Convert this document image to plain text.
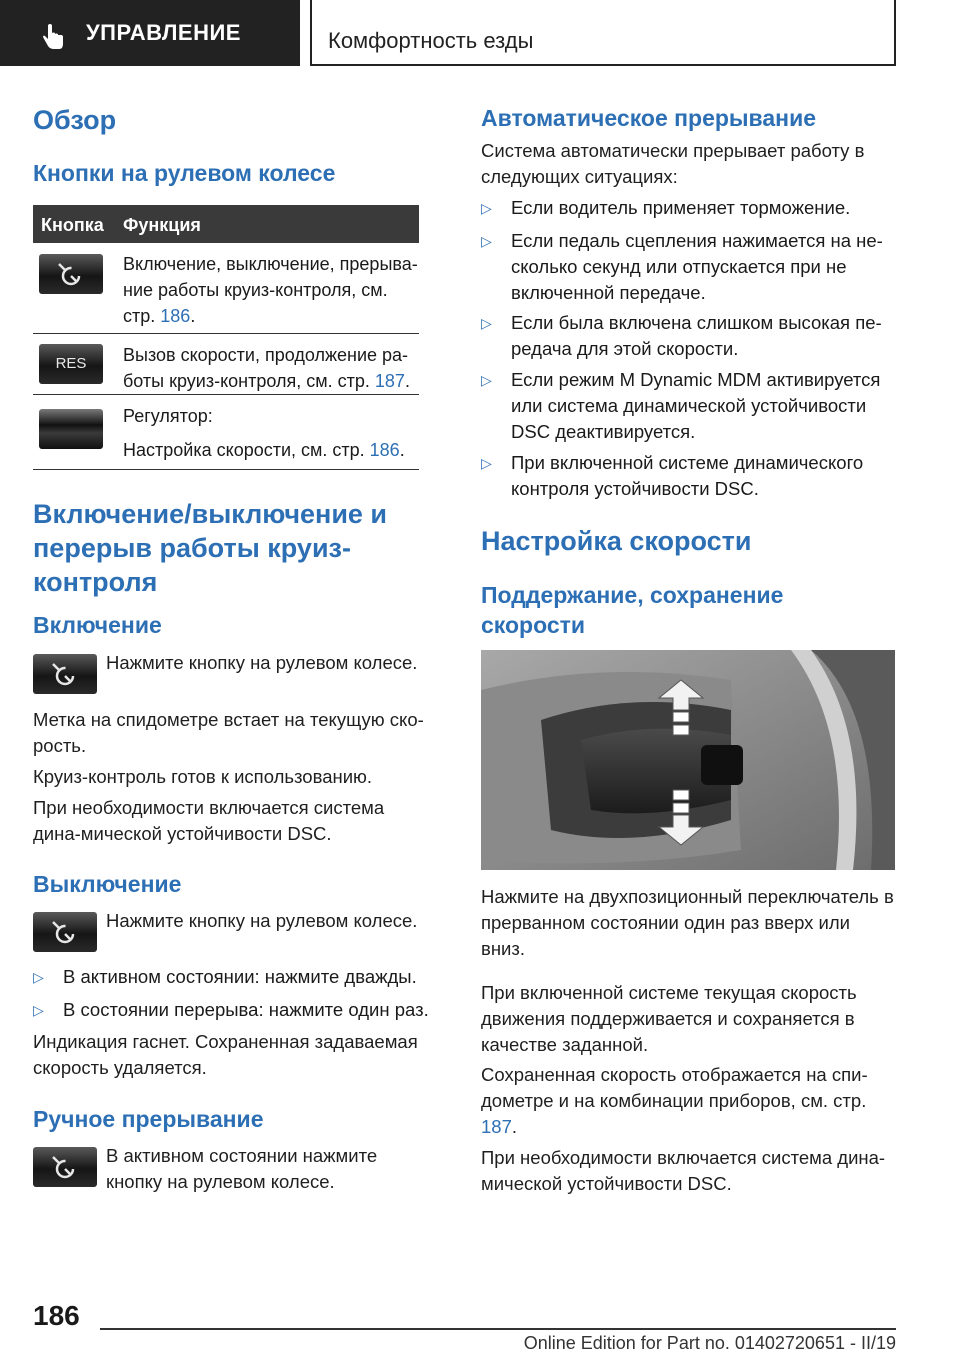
УПРАВЛЕНИЕ	Комфортность езды
Обзор
Кнопки на рулевом колесе
Кнопка Функция
Включение, выключение, прерыва-ние работы круиз-контроля, см. стр. 186.
RES	Вызов скорости, продолжение ра-боты круиз-контроля, см. стр. 187.
Регулятор:
Настройка скорости, см. стр. 186.
Включение/выключение и перерыв работы круиз-контроля
Включение
Нажмите кнопку на рулевом колесе.
Метка на спидометре встает на текущую ско-рость.
Круиз-контроль готов к использованию.
При необходимости включается система дина-мической устойчивости DSC.
Выключение
Нажмите кнопку на рулевом колесе.
▷ В активном состоянии: нажмите дважды.
▷ В состоянии перерыва: нажмите один раз.
Индикация гаснет. Сохраненная задаваемая скорость удаляется.
Ручное прерывание
В активном состоянии нажмите кнопку на рулевом колесе.
Автоматическое прерывание
Система автоматически прерывает работу в следующих ситуациях:
▷ Если водитель применяет торможение.
▷ Если педаль сцепления нажимается на не-сколько секунд или отпускается при не включенной передаче.
▷ Если была включена слишком высокая пе-редача для этой скорости.
▷ Если режим M Dynamic MDM активируется или система динамической устойчивости DSC деактивируется.
▷ При включенной системе динамического контроля устойчивости DSC.
Настройка скорости
Поддержание, сохранение скорости
Нажмите на двухпозиционный переключатель в прерванном состоянии один раз вверх или вниз.
При включенной системе текущая скорость движения поддерживается и сохраняется в качестве заданной.
Сохраненная скорость отображается на спи-дометре и на комбинации приборов, см. стр. 187.
При необходимости включается система дина-мической устойчивости DSC.
186
Online Edition for Part no. 01402720651 - II/19
